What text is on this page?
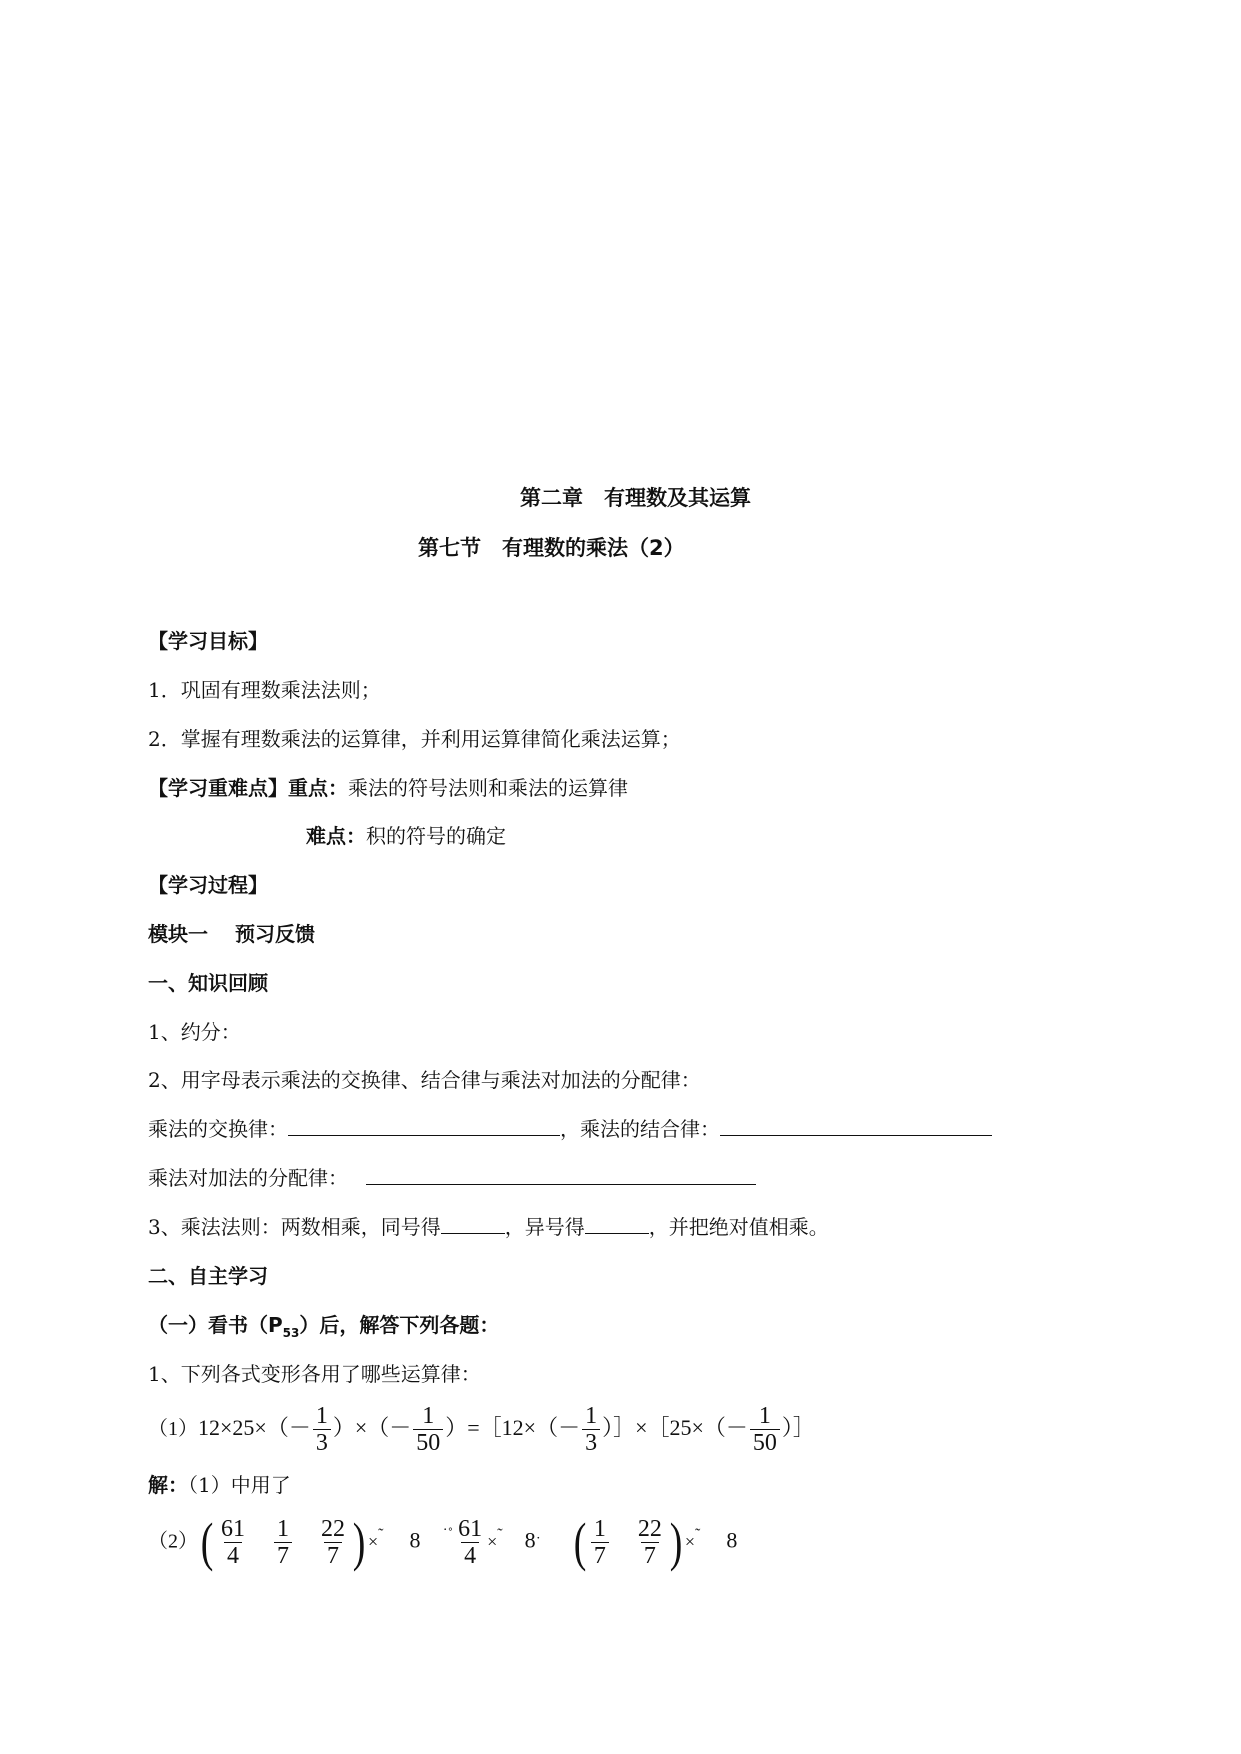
第二章　有理数及其运算
第七节　有理数的乘法（2）
【学习目标】
1．巩固有理数乘法法则；
2．掌握有理数乘法的运算律，并利用运算律简化乘法运算；
【学习重难点】重点：乘法的符号法则和乘法的运算律
难点：积的符号的确定
【学习过程】
模块一　 预习反馈
一、知识回顾
1、约分：
2、用字母表示乘法的交换律、结合律与乘法对加法的分配律：
乘法的交换律：	，乘法的结合律：
乘法对加法的分配律：
3、乘法法则：两数相乘，同号得	，异号得	，并把绝对值相乘。
二、自主学习
（一）看书$(P_{53})$后，解答下列各题：
1、下列各式变形各用了哪些运算律：
$(1)12\times 25\times(- \frac{1}{3}$ ）×（－ $\frac{1}{50}$ ）=［12×（－ $\frac{1}{3}$ ）］×［25×（－ $\frac{1}{50}$ ）］
解：（1）中用了
$(2)( \frac{61}{4} \frac{1}{7} \frac{22}{7}$ ) ×˜ 8 $^{˙˚} \frac{61}{4} \times^˜$ 8˙ ( $\frac{1}{7} \frac{22}{7}$ ) ×˜ 8
